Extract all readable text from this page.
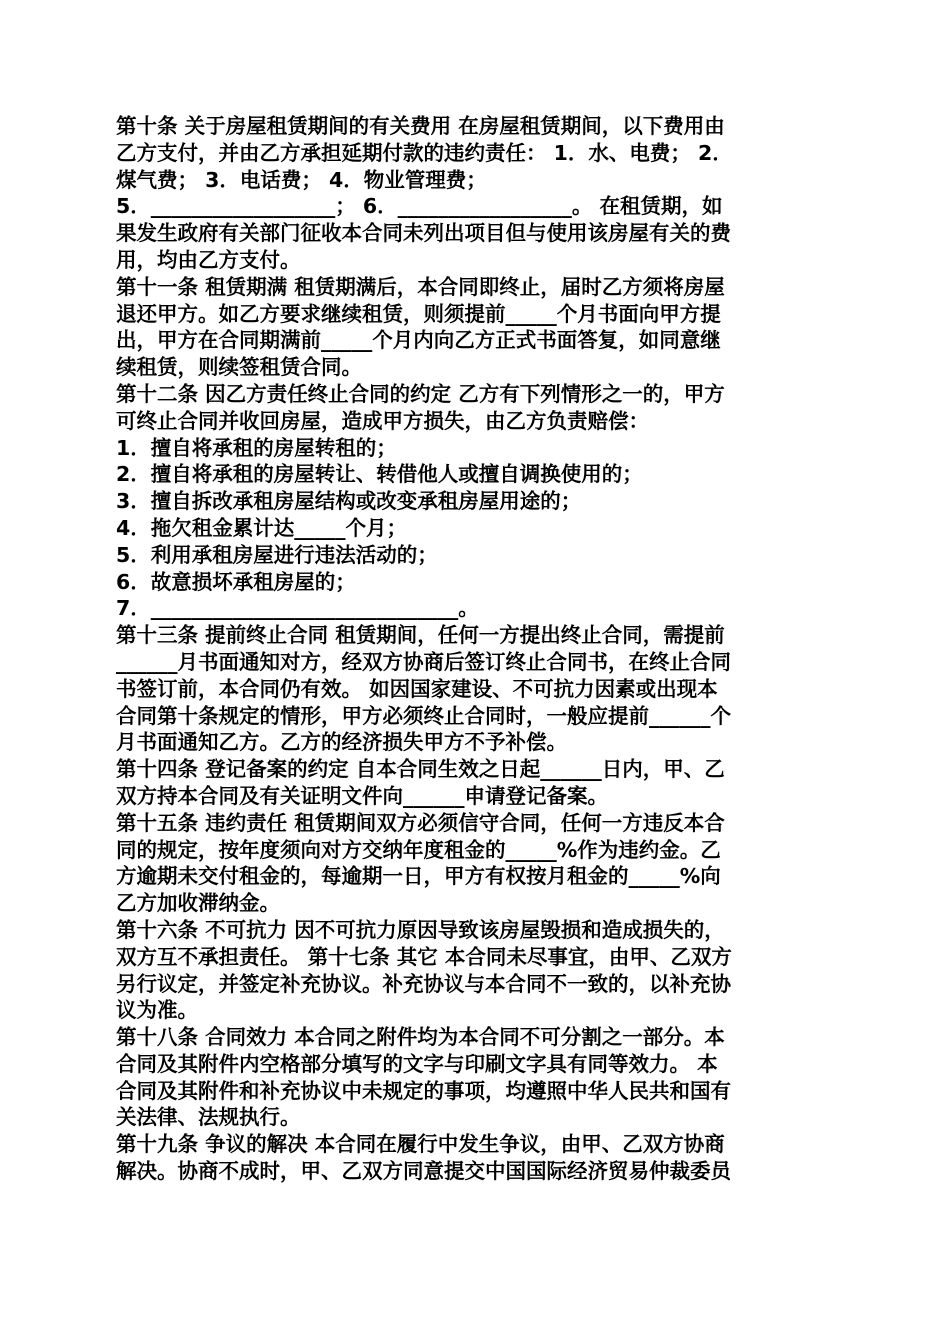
第十条 关于房屋租赁期间的有关费用 在房屋租赁期间，以下费用由
乙方支付，并由乙方承担延期付款的违约责任： 1．水、电费； 2．
煤气费； 3．电话费； 4．物业管理费；
5．__________________； 6．_________________。 在租赁期，如
果发生政府有关部门征收本合同未列出项目但与使用该房屋有关的费
用，均由乙方支付。
第十一条 租赁期满 租赁期满后，本合同即终止，届时乙方须将房屋
退还甲方。如乙方要求继续租赁，则须提前_____个月书面向甲方提
出，甲方在合同期满前_____个月内向乙方正式书面答复，如同意继
续租赁，则续签租赁合同。
第十二条 因乙方责任终止合同的约定 乙方有下列情形之一的，甲方
可终止合同并收回房屋，造成甲方损失，由乙方负责赔偿：
1．擅自将承租的房屋转租的；
2．擅自将承租的房屋转让、转借他人或擅自调换使用的；
3．擅自拆改承租房屋结构或改变承租房屋用途的；
4．拖欠租金累计达_____个月；
5．利用承租房屋进行违法活动的；
6．故意损坏承租房屋的；
7．______________________________。
第十三条 提前终止合同 租赁期间，任何一方提出终止合同，需提前
______月书面通知对方，经双方协商后签订终止合同书，在终止合同
书签订前，本合同仍有效。 如因国家建设、不可抗力因素或出现本
合同第十条规定的情形，甲方必须终止合同时，一般应提前______个
月书面通知乙方。乙方的经济损失甲方不予补偿。
第十四条 登记备案的约定 自本合同生效之日起______日内，甲、乙
双方持本合同及有关证明文件向______申请登记备案。
第十五条 违约责任 租赁期间双方必须信守合同，任何一方违反本合
同的规定，按年度须向对方交纳年度租金的_____%作为违约金。乙
方逾期未交付租金的，每逾期一日，甲方有权按月租金的_____%向
乙方加收滞纳金。
第十六条 不可抗力 因不可抗力原因导致该房屋毁损和造成损失的，
双方互不承担责任。 第十七条 其它 本合同未尽事宜，由甲、乙双方
另行议定，并签定补充协议。补充协议与本合同不一致的，以补充协
议为准。
第十八条 合同效力 本合同之附件均为本合同不可分割之一部分。本
合同及其附件内空格部分填写的文字与印刷文字具有同等效力。 本
合同及其附件和补充协议中未规定的事项，均遵照中华人民共和国有
关法律、法规执行。
第十九条 争议的解决 本合同在履行中发生争议，由甲、乙双方协商
解决。协商不成时，甲、乙双方同意提交中国国际经济贸易仲裁委员
